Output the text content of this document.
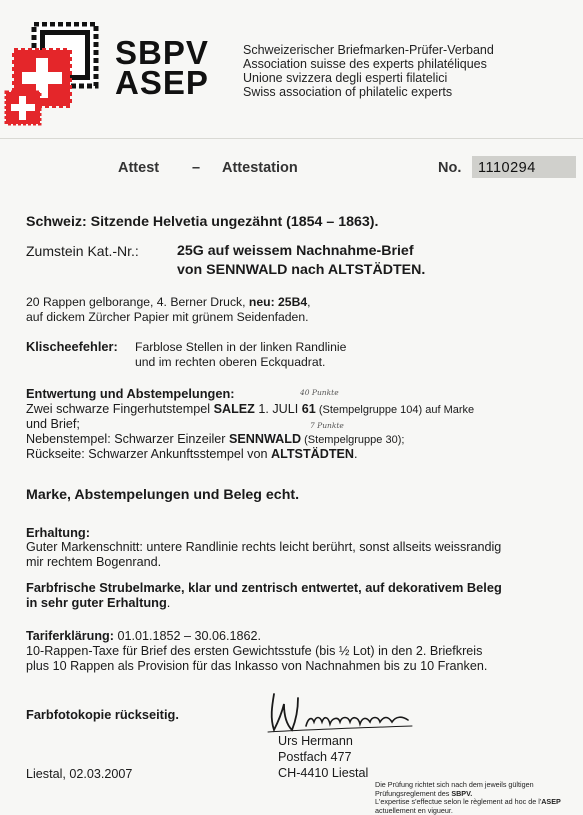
SBPV
ASEP
Schweizerischer Briefmarken-Prüfer-Verband
Association suisse des experts philatéliques
Unione svizzera degli esperti filatelici
Swiss association of philatelic experts
Attest – Attestation	No. 1110294
Schweiz: Sitzende Helvetia ungezähnt (1854 – 1863).
Zumstein Kat.-Nr.:	25G auf weissem Nachnahme-Brief
von SENNWALD nach ALTSTÄDTEN.
20 Rappen gelborange, 4. Berner Druck, neu: 25B4,
auf dickem Zürcher Papier mit grünem Seidenfaden.
Klischeefehler: Farblose Stellen in der linken Randlinie
und im rechten oberen Eckquadrat.
Entwertung und Abstempelungen:	40 Punkte
Zwei schwarze Fingerhutstempel SALEZ 1. JULI 61 (Stempelgruppe 104) auf Marke
und Brief;	7 Punkte
Nebenstempel: Schwarzer Einzeiler SENNWALD (Stempelgruppe 30);
Rückseite: Schwarzer Ankunftsstempel von ALTSTÄDTEN.
Marke, Abstempelungen und Beleg echt.
Erhaltung:
Guter Markenschnitt: untere Randlinie rechts leicht berührt, sonst allseits weissrandig
mir rechtem Bogenrand.
Farbfrische Strubelmarke, klar und zentrisch entwertet, auf dekorativem Beleg
in sehr guter Erhaltung.
Tariferklärung: 01.01.1852 – 30.06.1862.
10-Rappen-Taxe für Brief des ersten Gewichtsstufe (bis ½ Lot) in den 2. Briefkreis
plus 10 Rappen als Provision für das Inkasso von Nachnahmen bis zu 10 Franken.
Farbfotokopie rückseitig.
Urs Hermann
Postfach 477
CH-4410 Liestal
Liestal, 02.03.2007
Die Prüfung richtet sich nach dem jeweils gültigen Prüfungsreglement des SBPV.
L'expertise s'effectue selon le règlement ad hoc de l'ASEP actuellement en vigueur.
